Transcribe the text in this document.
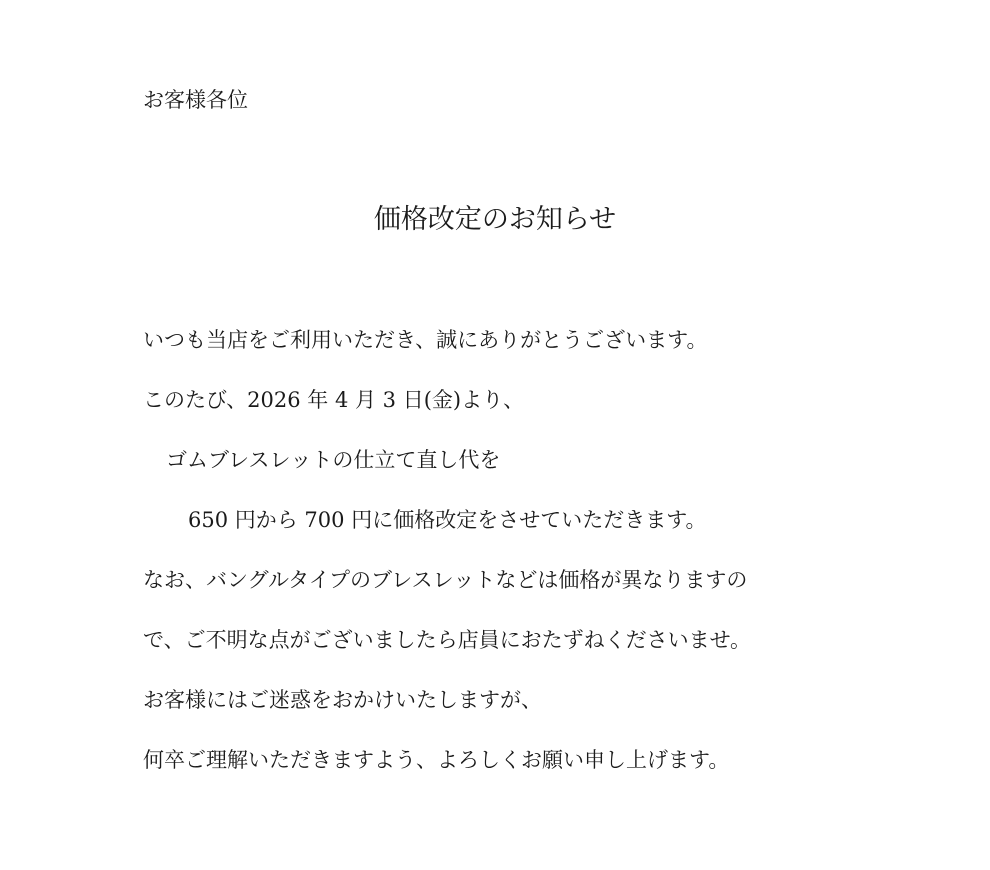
お客様各位
価格改定のお知らせ
いつも当店をご利用いただき、誠にありがとうございます。
このたび、2026 年 4 月 3 日(金)より、
ゴムブレスレットの仕立て直し代を
650 円から 700 円に価格改定をさせていただきます。
なお、バングルタイプのブレスレットなどは価格が異なりますの
で、ご不明な点がございましたら店員におたずねくださいませ。
お客様にはご迷惑をおかけいたしますが、
何卒ご理解いただきますよう、よろしくお願い申し上げます。
